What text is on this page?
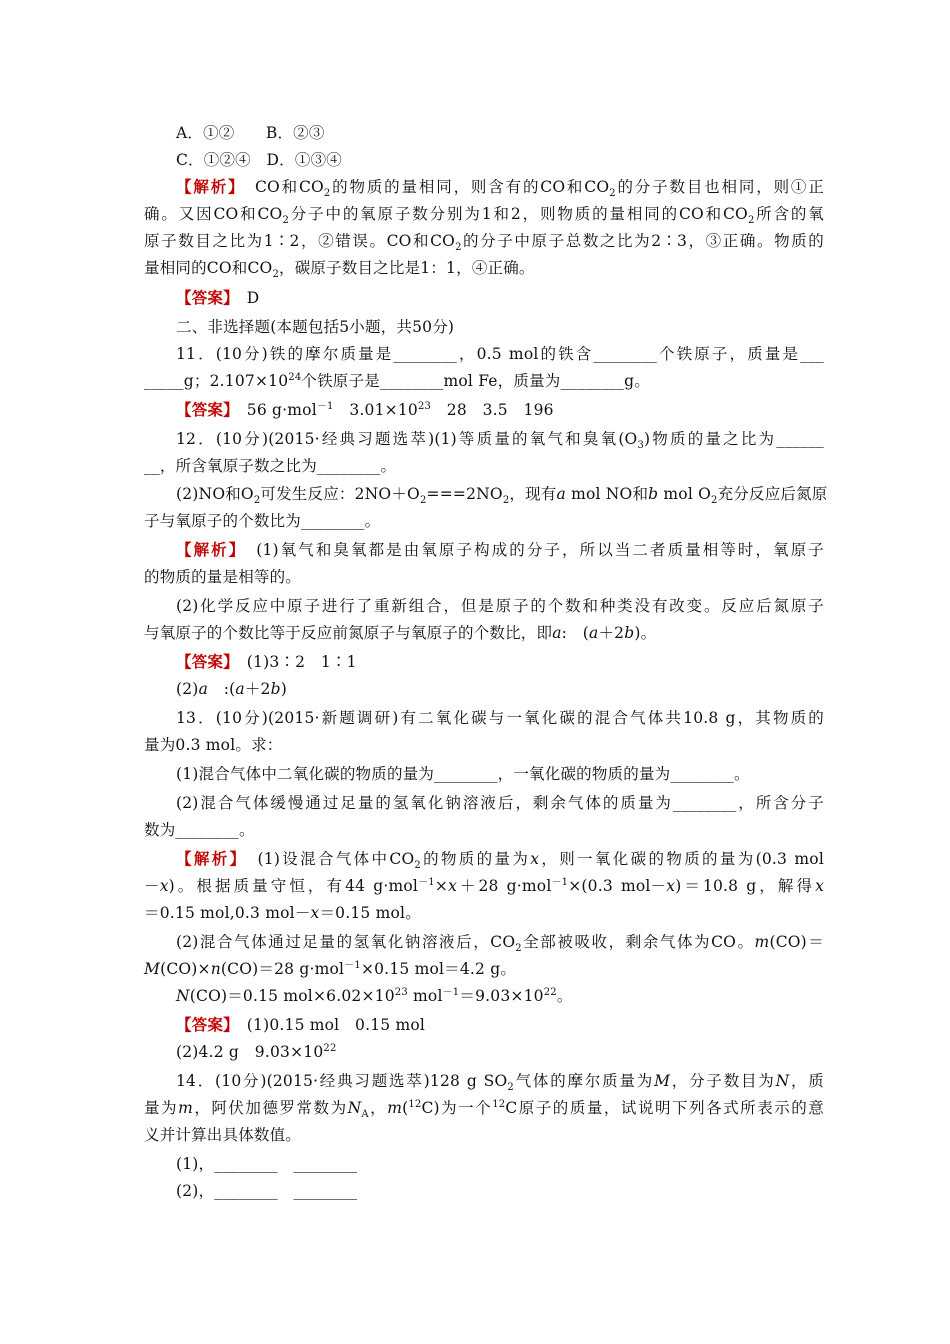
A．①②　　B．②③
C．①②④　D．①③④
【解析】　CO和$CO_2$的物质的量相同，则含有的CO和$CO_2$的分子数目也相同，则①正
确。又因CO和$CO_2$分子中的氧原子数分别为1和2，则物质的量相同的CO和$CO_2$所含的氧
原子数目之比为1∶2，②错误。CO和$CO_2$的分子中原子总数之比为2∶3，③正确。物质的
量相同的CO和$CO_2$，碳原子数目之比是1：1，④正确。
【答案】　D
二、非选择题(本题包括5小题，共50分)
11．(10分)铁的摩尔质量是________，0.5 mol的铁含________个铁原子，质量是___
_____g；$2.107\times 10^{24}$个铁原子是________mol Fe，质量为________g。
【答案】　56 g·mol$^{-1}$　$3.01\times 10^{23}$　28　3.5　196
12．(10分)(2015·经典习题选萃)(1)等质量的氧气和臭氧$(O_3)$物质的量之比为______
__，所含氧原子数之比为________。
(2)NO和$O_2$可发生反应：$2NO+O_2===2NO_2$，现有a mol NO和b mol $O_2$充分反应后氮原
子与氧原子的个数比为________。
【解析】　(1)氧气和臭氧都是由氧原子构成的分子，所以当二者质量相等时，氧原子
的物质的量是相等的。
(2)化学反应中原子进行了重新组合，但是原子的个数和种类没有改变。反应后氮原子
与氧原子的个数比等于反应前氮原子与氧原子的个数比，即a:　(a＋2b)。
【答案】　(1)3∶2　1∶1
(2)a　:(a＋2b)
13．(10分)(2015·新题调研)有二氧化碳与一氧化碳的混合气体共10.8 g，其物质的
量为0.3 mol。求：
(1)混合气体中二氧化碳的物质的量为________，一氧化碳的物质的量为________。
(2)混合气体缓慢通过足量的氢氧化钠溶液后，剩余气体的质量为________，所含分子
数为________。
【解析】　(1)设混合气体中$CO_2$的物质的量为x，则一氧化碳的物质的量为(0.3 mol
－x)。根据质量守恒，有44 g·mol$^{-1}$×x＋28 g·mol$^{-1}$×(0.3 mol－x)＝10.8 g，解得x
＝0.15 mol,0.3 mol－x＝0.15 mol。
(2)混合气体通过足量的氢氧化钠溶液后，$CO_2$全部被吸收，剩余气体为CO。m(CO)＝
M(CO)×n(CO)＝28 g·mol$^{-1}$×0.15 mol＝4.2 g。
N(CO)＝0.15 $mol\times 6.02\times 10^{23}$ $mol^{-1}=9.03\times 10^{22}$。
【答案】　(1)0.15 mol　0.15 mol
(2)4.2 g　$9.03\times 10^{22}$
14．(10分)(2015·经典习题选萃)128 g $SO_2$气体的摩尔质量为M，分子数目为N，质
量为m，阿伏加德罗常数为$N_A$，m($^{12}$C)为一个$^{12}$C原子的质量，试说明下列各式所表示的意
义并计算出具体数值。
(1)，________　________
(2)，________　________
